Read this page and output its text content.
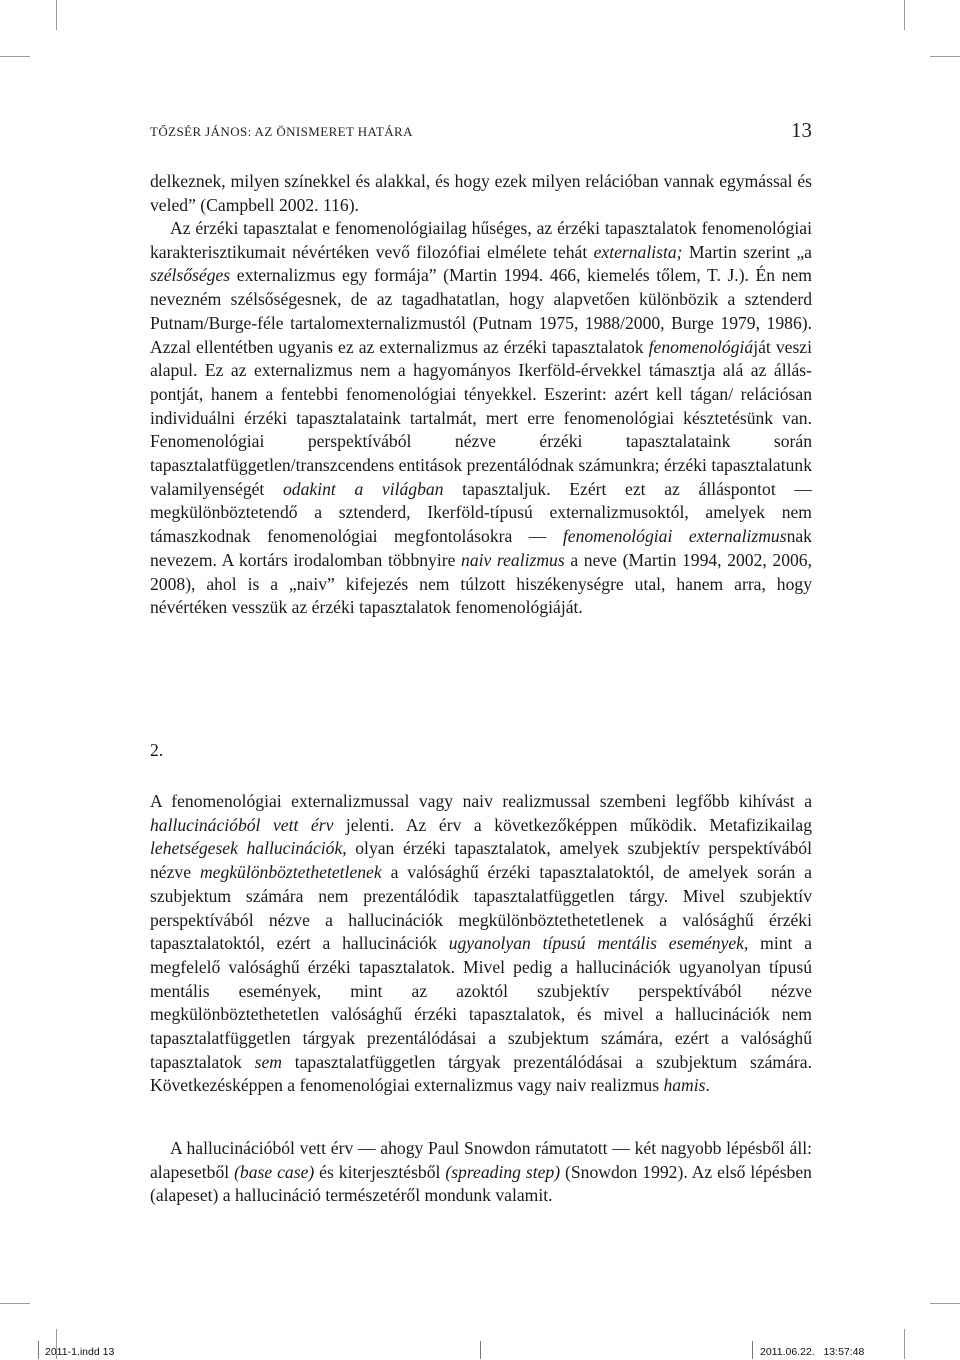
TŐZSÉR JÁNOS: AZ ÖNISMERET HATÁRA	13

delkeznek, milyen színekkel és alakkal, és hogy ezek milyen relációban vannak egymással és veled” (Campbell 2002. 116).

Az érzéki tapasztalat e fenomenológiailag hűséges, az érzéki tapasztalatok fenomenológiai karakterisztikumait névértéken vevő filozófiai elmélete tehát externalista; Martin szerint „a szélsőséges externalizmus egy formája” (Martin 1994. 466, kiemelés tőlem, T. J.). Én nem nevezném szélsőségesnek, de az tagadhatatlan, hogy alapvetően különbözik a sztenderd Putnam/Burge-féle tartalomexternalizmustól (Putnam 1975, 1988/2000, Burge 1979, 1986). Azzal ellentétben ugyanis ez az externalizmus az érzéki tapasztalatok fenomenológiáját veszi alapul. Ez az externalizmus nem a hagyományos Ikerföld-érvekkel támasztja alá az álláspontját, hanem a fentebbi fenomenológiai tényekkel. Eszerint: azért kell tágan/ relációsan individuálni érzéki tapasztalataink tartalmát, mert erre fenomenológiai késztetésünk van. Fenomenológiai perspektívából nézve érzéki tapasztalataink során tapasztalatfüggetlen/transzcendens entitások prezentálódnak számunkra; érzéki tapasztalatunk valamilyenségét odakint a világban tapasztaljuk. Ezért ezt az álláspontot — megkülönböztetendő a sztenderd, Ikerföld-típusú externalizmusoktól, amelyek nem támaszkodnak fenomenológiai megfontolásokra — fenomenológiai externalizmusnak nevezem. A kortárs irodalomban többnyire naiv realizmus a neve (Martin 1994, 2002, 2006, 2008), ahol is a „naiv” kifejezés nem túlzott hiszékenységre utal, hanem arra, hogy névértéken vesszük az érzéki tapasztalatok fenomenológiáját.

2.

A fenomenológiai externalizmussal vagy naiv realizmussal szembeni legfőbb kihívást a hallucinációból vett érv jelenti. Az érv a következőképpen működik. Metafizikailag lehetségesek hallucinációk, olyan érzéki tapasztalatok, amelyek szubjektív perspektívából nézve megkülönböztethetetlenek a valósághű érzéki tapasztalatoktól, de amelyek során a szubjektum számára nem prezentálódik tapasztalatfüggetlen tárgy. Mivel szubjektív perspektívából nézve a hallucinációk megkülönböztethetetlenek a valósághű érzéki tapasztalatoktól, ezért a hallucinációk ugyanolyan típusú mentális események, mint a megfelelő valósághű érzéki tapasztalatok. Mivel pedig a hallucinációk ugyanolyan típusú mentális események, mint az azoktól szubjektív perspektívából nézve megkülönböztethetetlen valósághű érzéki tapasztalatok, és mivel a hallucinációk nem tapasztalatfüggetlen tárgyak prezentálódásai a szubjektum számára, ezért a valósághű tapasztalatok sem tapasztalatfüggetlen tárgyak prezentálódásai a szubjektum számára. Következésképpen a fenomenológiai externalizmus vagy naiv realizmus hamis.

A hallucinációból vett érv — ahogy Paul Snowdon rámutatott — két nagyobb lépésből áll: alapesetből (base case) és kiterjesztésből (spreading step) (Snowdon 1992). Az első lépésben (alapeset) a hallucináció természetéről mondunk valamit.

2011-1.indd 13	2011.06.22. 13:57:48
